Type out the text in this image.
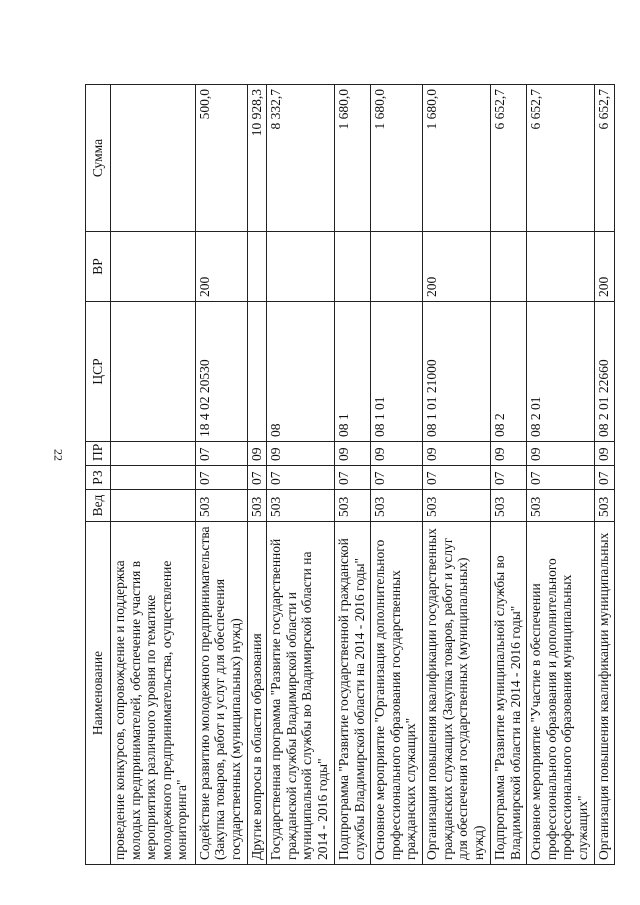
22
Наименование	Вед	РЗ	ПР	ЦСР	ВР	Сумма
проведение конкурсов, сопровождение и поддержка молодых предпринимателей, обеспечение участия в мероприятиях различного уровня по тематике молодежного предпринимательства, осуществление мониторинга"						
Содействие развитию молодежного предпринимательства (Закупка товаров, работ и услуг для обеспечения государственных (муниципальных) нужд)	503	07	07	18 4 02 20530	200	500,0
Другие вопросы в области образования	503	07	09			10 928,3
Государственная программа "Развитие государственной гражданской службы Владимирской области и муниципальной службы во Владимирской области на 2014 - 2016 годы"	503	07	09	08		8 332,7
Подпрограмма "Развитие государственной гражданской службы Владимирской области на 2014 - 2016 годы"	503	07	09	08 1		1 680,0
Основное мероприятие "Организация дополнительного профессионального образования государственных гражданских служащих"	503	07	09	08 1 01		1 680,0
Организация повышения квалификации государственных гражданских служащих (Закупка товаров, работ и услуг для обеспечения государственных (муниципальных) нужд)	503	07	09	08 1 01 21000	200	1 680,0
Подпрограмма "Развитие муниципальной службы во Владимирской области на 2014 - 2016 годы"	503	07	09	08 2		6 652,7
Основное мероприятие "Участие в обеспечении профессионального образования и дополнительного профессионального образования муниципальных служащих"	503	07	09	08 2 01		6 652,7
Организация повышения квалификации муниципальных	503	07	09	08 2 01 22660	200	6 652,7
